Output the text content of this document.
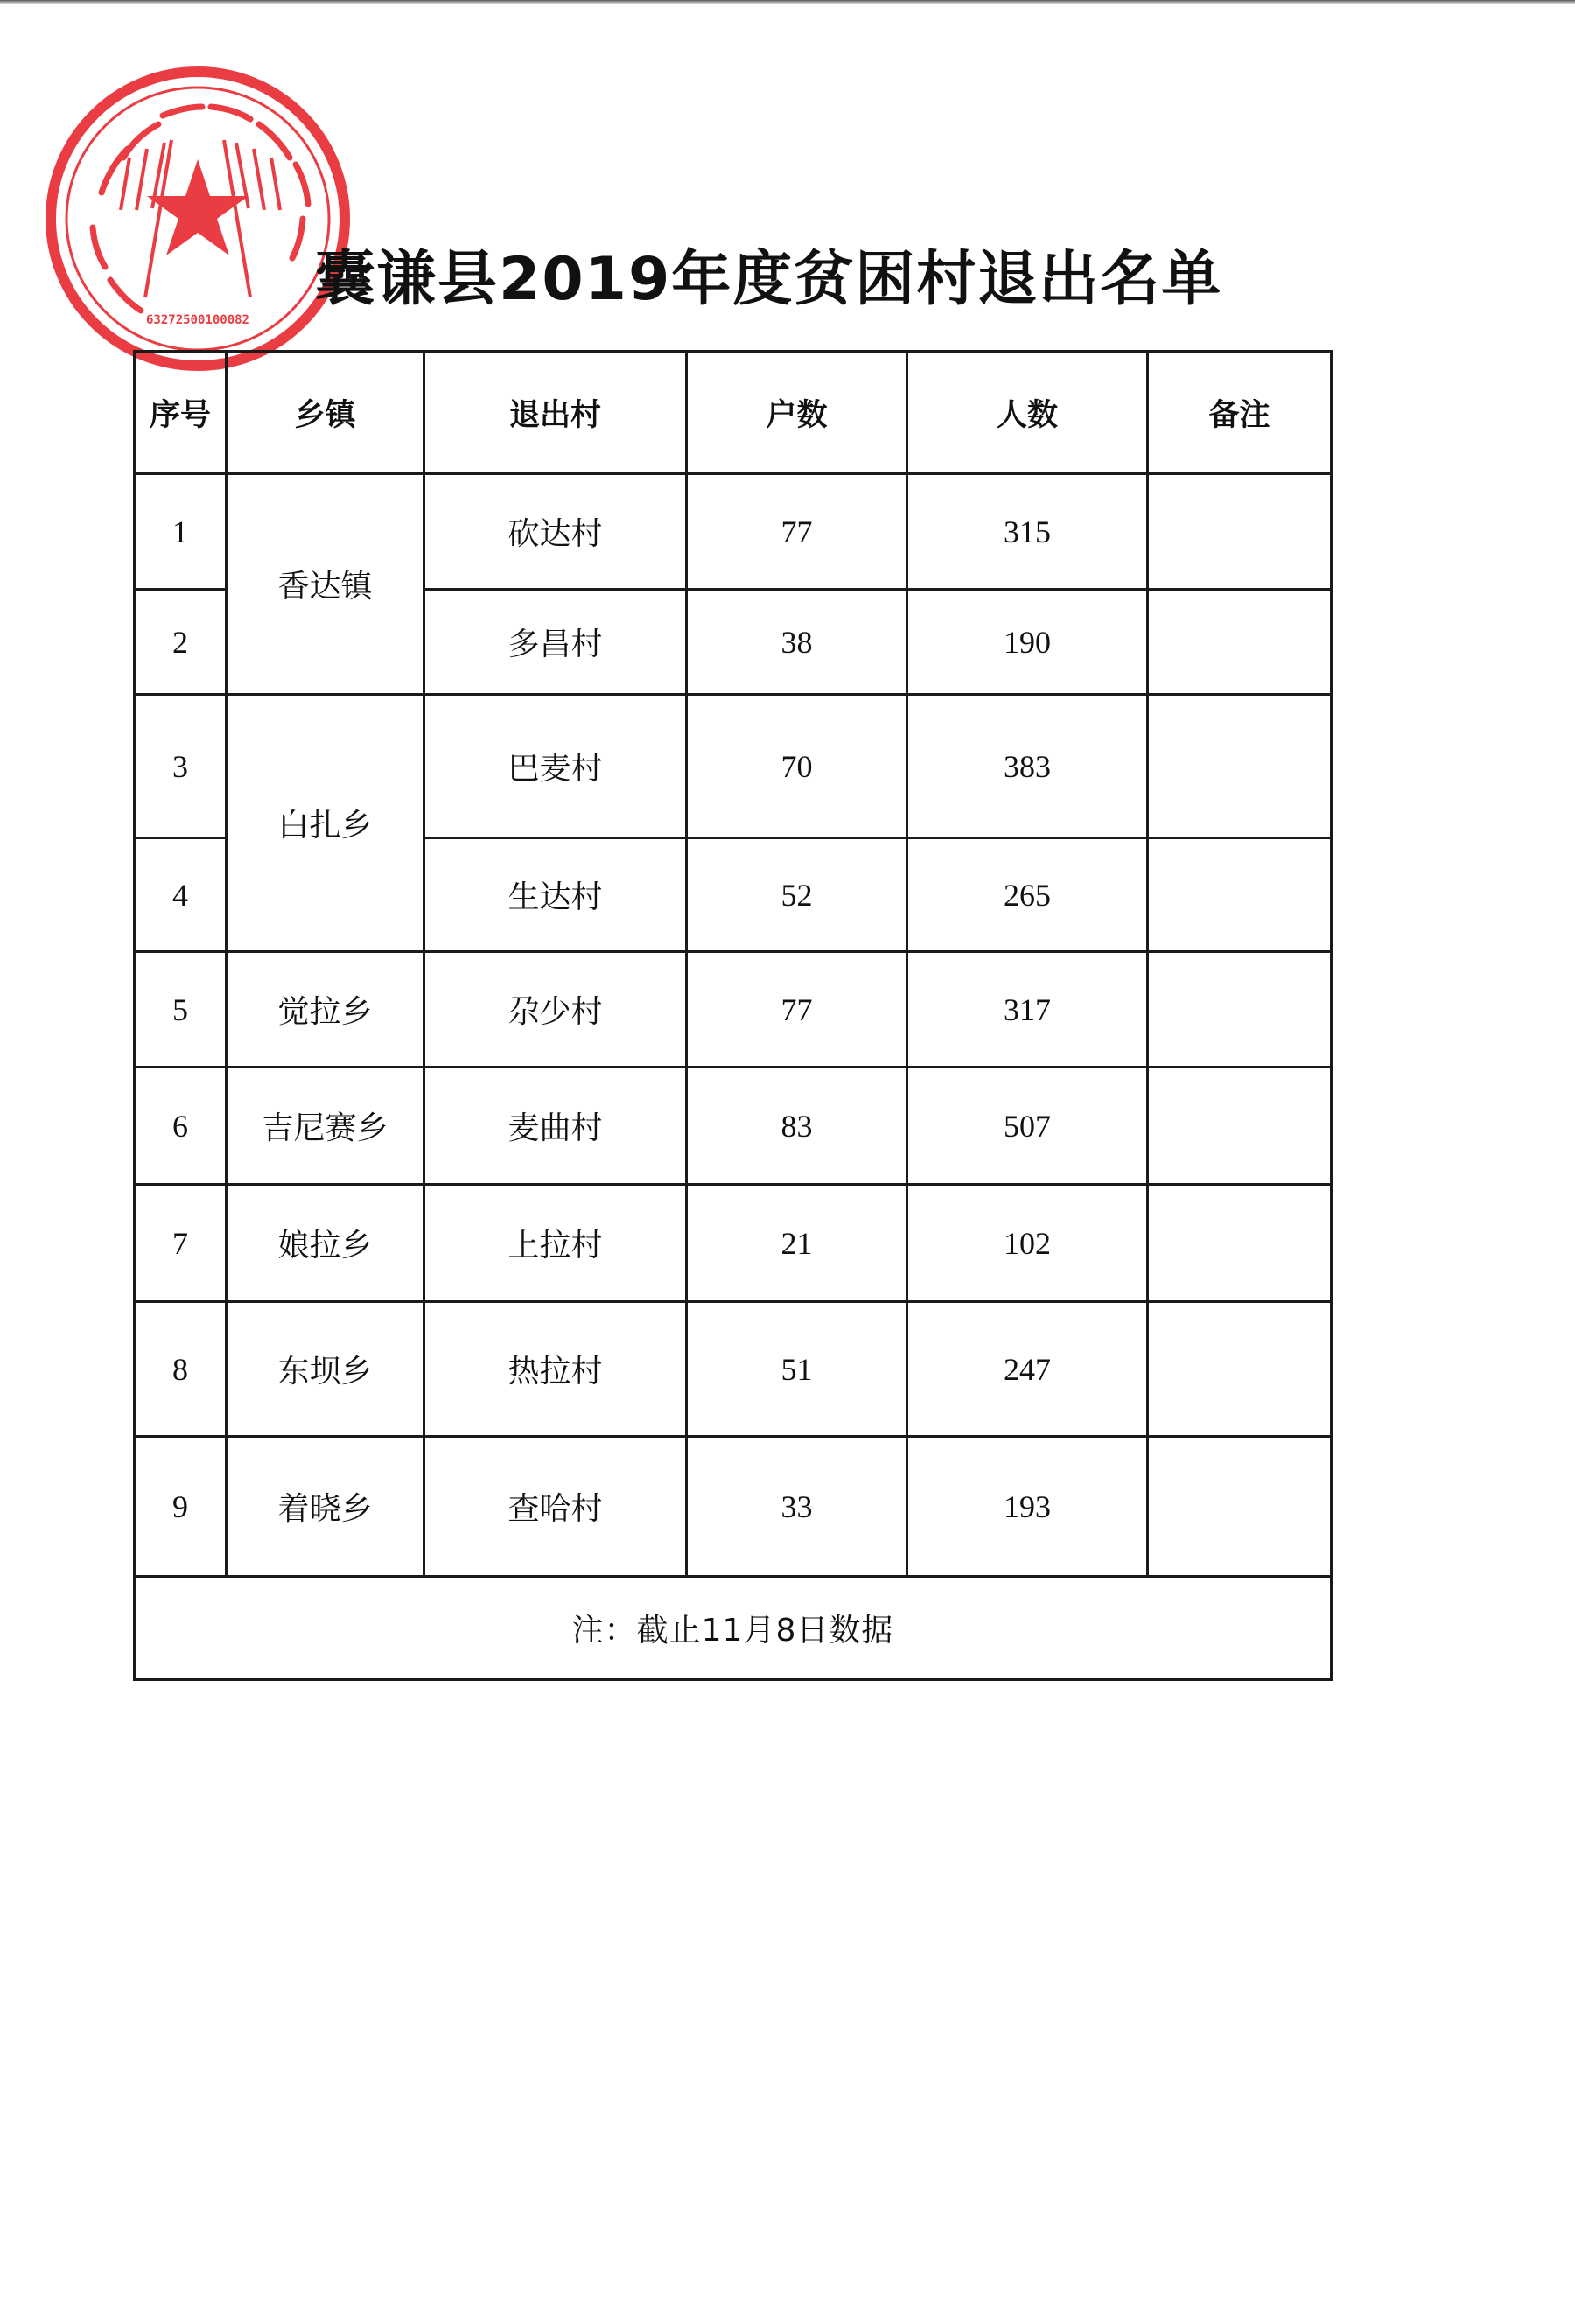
63272500100082
囊谦县2019年度贫困村退出名单
序号	乡镇	退出村	户数	人数	备注
1	香达镇	砍达村	77	315	
2		多昌村	38	190	
3	白扎乡	巴麦村	70	383	
4		生达村	52	265	
5	觉拉乡	尕少村	77	317	
6	吉尼赛乡	麦曲村	83	507	
7	娘拉乡	上拉村	21	102	
8	东坝乡	热拉村	51	247	
9	着晓乡	查哈村	33	193	
注：截止11月8日数据					
